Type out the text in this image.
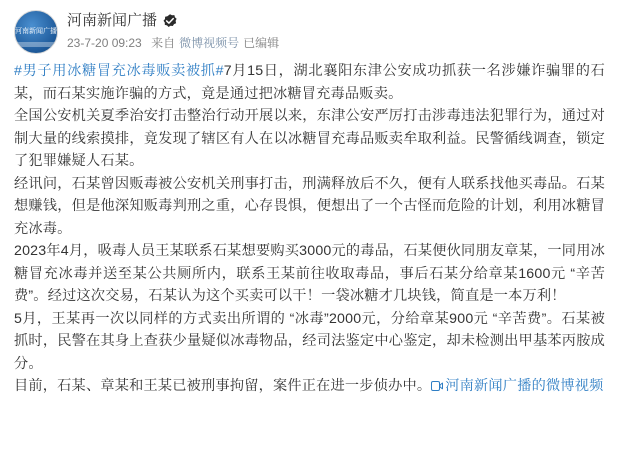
河南新闻广播
河南新闻广播
23-7-20 09:23
来自 微博视频号 已编辑

#男子用冰糖冒充冰毒贩卖被抓#7月15日，湖北襄阳东津公安成功抓获一名涉嫌诈骗罪的石某，而石某实施诈骗的方式，竟是通过把冰糖冒充毒品贩卖。

全国公安机关夏季治安打击整治行动开展以来，东津公安严厉打击涉毒违法犯罪行为，通过对制大量的线索摸排，竟发现了辖区有人在以冰糖冒充毒品贩卖牟取利益。民警循线调查，锁定了犯罪嫌疑人石某。

经讯问，石某曾因贩毒被公安机关刑事打击，刑满释放后不久，便有人联系找他买毒品。石某想赚钱，但是他深知贩毒判刑之重，心存畏惧，便想出了一个古怪而危险的计划，利用冰糖冒充冰毒。

2023年4月，吸毒人员王某联系石某想要购买3000元的毒品，石某便伙同朋友章某，一同用冰糖冒充冰毒并送至某公共厕所内，联系王某前往收取毒品，事后石某分给章某1600元 “辛苦费”。经过这次交易，石某认为这个买卖可以干！一袋冰糖才几块钱，简直是一本万利！

5月，王某再一次以同样的方式卖出所谓的 “冰毒”2000元，分给章某900元 “辛苦费”。石某被抓时，民警在其身上查获少量疑似冰毒物品，经司法鉴定中心鉴定，却未检测出甲基苯丙胺成分。

目前，石某、章某和王某已被刑事拘留，案件正在进一步侦办中。 河南新闻广播的微博视频
